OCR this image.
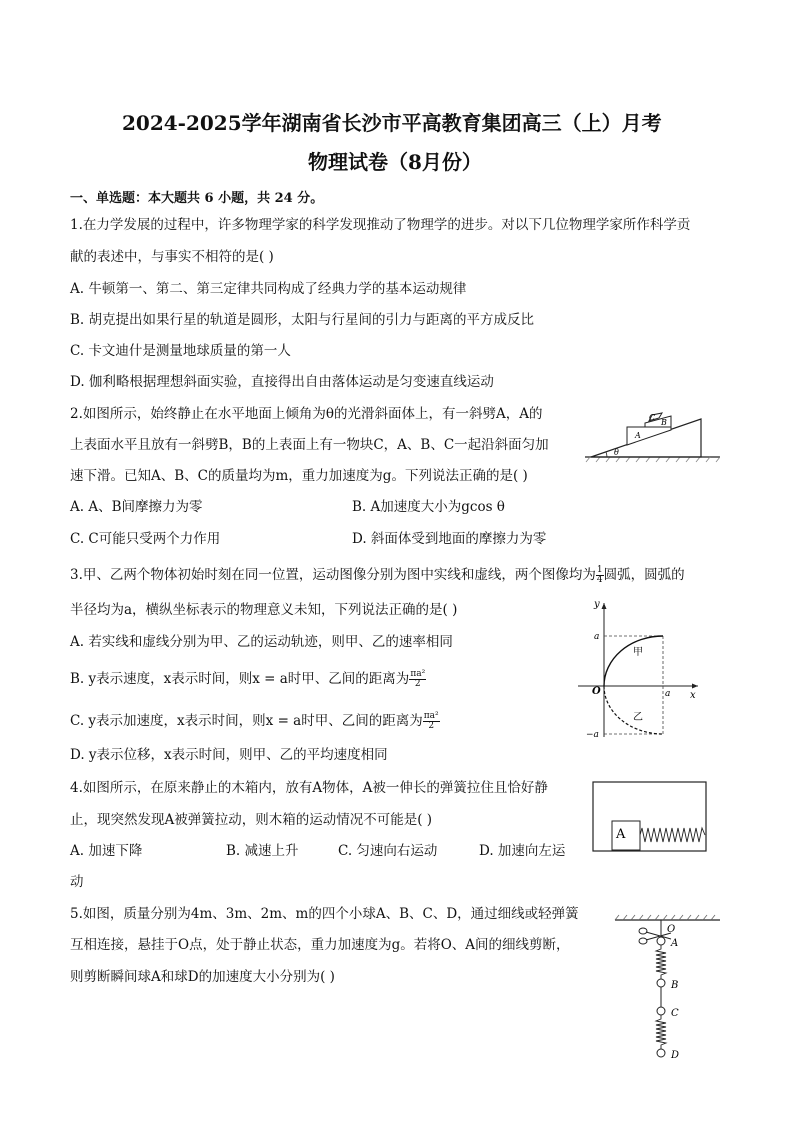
2024-2025学年湖南省长沙市平高教育集团高三（上）月考
物理试卷（8月份）
一、单选题：本大题共 6 小题，共 24 分。
1.在力学发展的过程中，许多物理学家的科学发现推动了物理学的进步。对以下几位物理学家所作科学贡
献的表述中，与事实不相符的是( )
A. 牛顿第一、第二、第三定律共同构成了经典力学的基本运动规律
B. 胡克提出如果行星的轨道是圆形，太阳与行星间的引力与距离的平方成反比
C. 卡文迪什是测量地球质量的第一人
D. 伽利略根据理想斜面实验，直接得出自由落体运动是匀变速直线运动
2.如图所示，始终静止在水平地面上倾角为θ的光滑斜面体上，有一斜劈A，A的
上表面水平且放有一斜劈B，B的上表面上有一物块C，A、B、C一起沿斜面匀加
速下滑。已知A、B、C的质量均为m，重力加速度为g。下列说法正确的是( )
A. A、B间摩擦力为零	B. A加速度大小为gcos θ
C. C可能只受两个力作用	D. 斜面体受到地面的摩擦力为零
C
B
A
θ
3.甲、乙两个物体初始时刻在同一位置，运动图像分别为图中实线和虚线，两个图像均为 $\frac{1}{4}$ 圆弧，圆弧的
半径均为a，横纵坐标表示的物理意义未知，下列说法正确的是( )
A. 若实线和虚线分别为甲、乙的运动轨迹，则甲、乙的速率相同
B. y表示速度，x表示时间，则x = a时甲、乙间的距离为 $\frac{\text{πa²}}{2}$
C. y表示加速度，x表示时间，则x = a时甲、乙间的距离为 $\frac{\text{πa²}}{2}$
D. y表示位移，x表示时间，则甲、乙的平均速度相同
y
x
O
a
a
−a
甲
乙
4.如图所示，在原来静止的木箱内，放有A物体，A被一伸长的弹簧拉住且恰好静
止，现突然发现A被弹簧拉动，则木箱的运动情况不可能是( )
A. 加速下降	B. 减速上升	C. 匀速向右运动	D. 加速向左运
动
A
5.如图，质量分别为4m、3m、2m、m的四个小球A、B、C、D，通过细线或轻弹簧
互相连接，悬挂于O点，处于静止状态，重力加速度为g。若将O、A间的细线剪断，
则剪断瞬间球A和球D的加速度大小分别为( )
O
A
B
C
D
